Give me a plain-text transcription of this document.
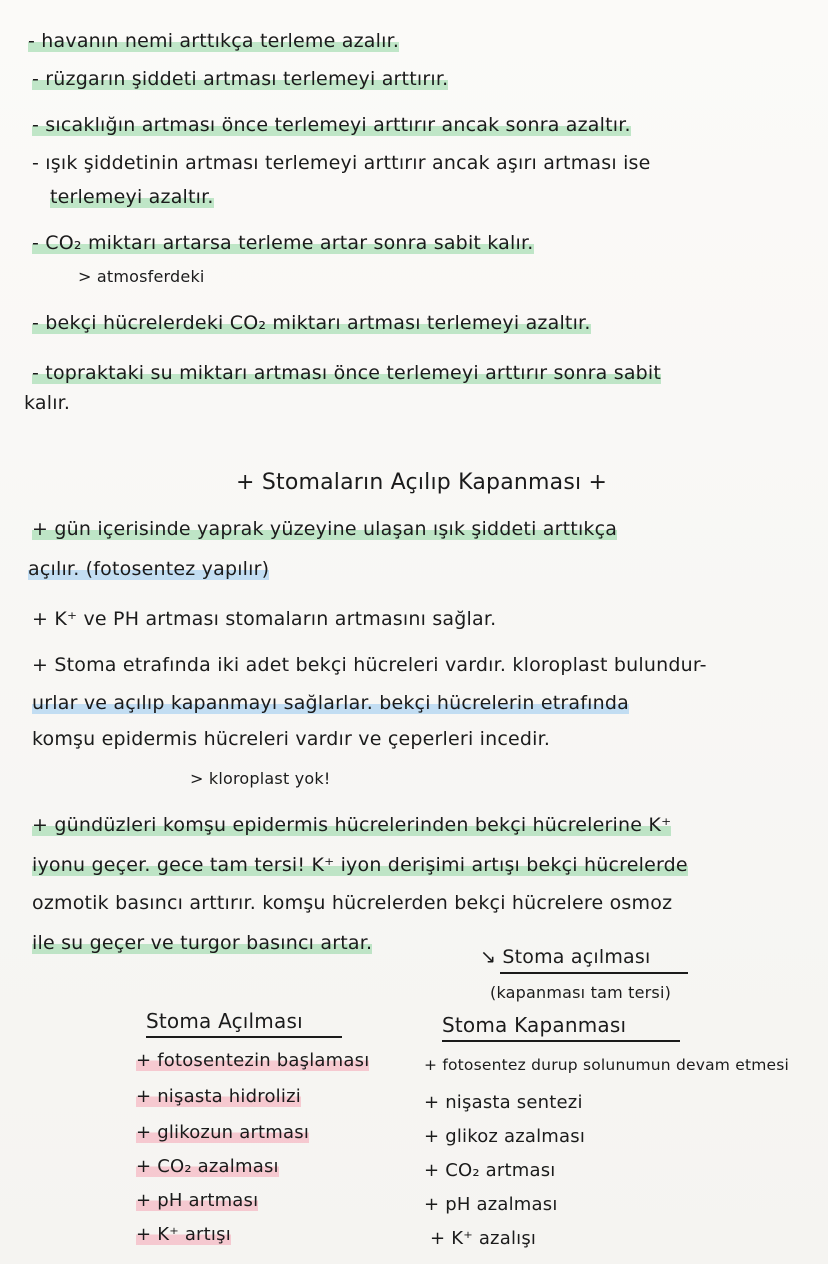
- havanın nemi arttıkça terleme azalır.
- rüzgarın şiddeti artması terlemeyi arttırır.
- sıcaklığın artması önce terlemeyi arttırır ancak sonra azaltır.
- ışık şiddetinin artması terlemeyi arttırır ancak aşırı artması ise
terlemeyi azaltır.
- CO₂ miktarı artarsa terleme artar sonra sabit kalır.
> atmosferdeki
- bekçi hücrelerdeki CO₂ miktarı artması terlemeyi azaltır.
- topraktaki su miktarı artması önce terlemeyi arttırır sonra sabit
kalır.
+ Stomaların Açılıp Kapanması +
+ gün içerisinde yaprak yüzeyine ulaşan ışık şiddeti arttıkça
açılır. (fotosentez yapılır)
+ K⁺ ve PH artması stomaların artmasını sağlar.
+ Stoma etrafında iki adet bekçi hücreleri vardır. kloroplast bulundur-
urlar ve açılıp kapanmayı sağlarlar. bekçi hücrelerin etrafında
komşu epidermis hücreleri vardır ve çeperleri incedir.
> kloroplast yok!
+ gündüzleri komşu epidermis hücrelerinden bekçi hücrelerine K⁺
iyonu geçer. gece tam tersi! K⁺ iyon derişimi artışı bekçi hücrelerde
ozmotik basıncı arttırır. komşu hücrelerden bekçi hücrelere osmoz
ile su geçer ve turgor basıncı artar.
↘ Stoma açılması
(kapanması tam tersi)
Stoma Açılması
+ fotosentezin başlaması
+ nişasta hidrolizi
+ glikozun artması
+ CO₂ azalması
+ pH artması
+ K⁺ artışı
Stoma Kapanması
+ fotosentez durup solunumun devam etmesi
+ nişasta sentezi
+ glikoz azalması
+ CO₂ artması
+ pH azalması
+ K⁺ azalışı
